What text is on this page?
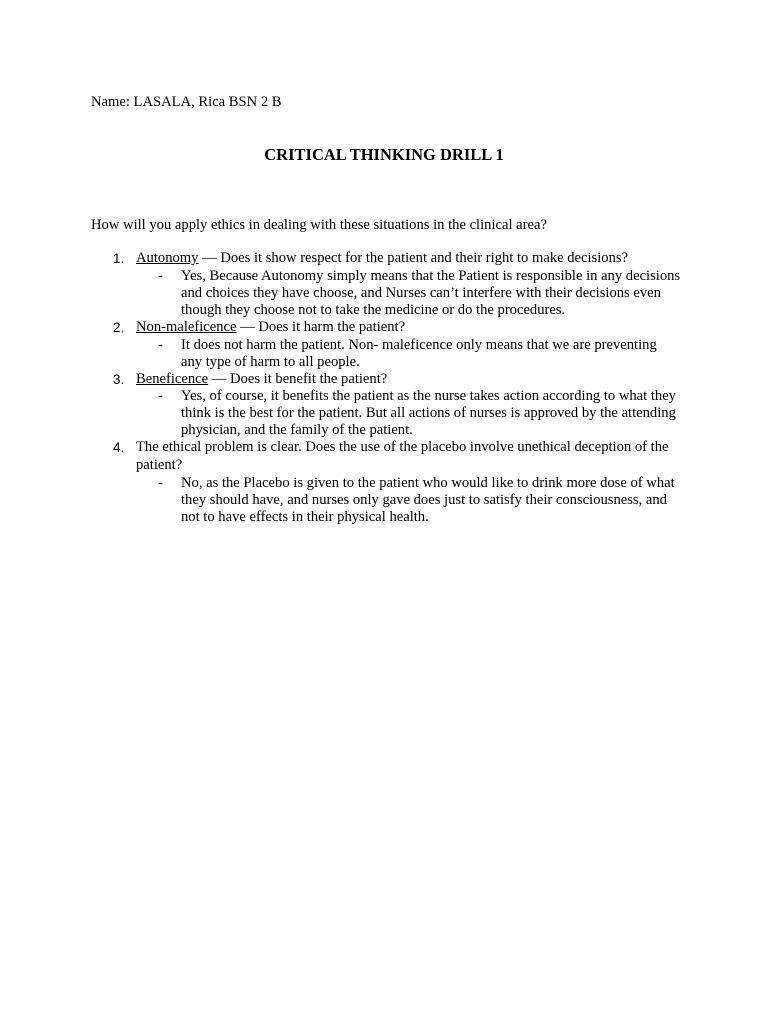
Name: LASALA, Rica BSN 2 B
CRITICAL THINKING DRILL 1
How will you apply ethics in dealing with these situations in the clinical area?
1. Autonomy — Does it show respect for the patient and their right to make decisions?
- Yes, Because Autonomy simply means that the Patient is responsible in any decisions and choices they have choose, and Nurses can’t interfere with their decisions even though they choose not to take the medicine or do the procedures.
2. Non-maleficence — Does it harm the patient?
- It does not harm the patient. Non- maleficence only means that we are preventing any type of harm to all people.
3. Beneficence — Does it benefit the patient?
- Yes, of course, it benefits the patient as the nurse takes action according to what they think is the best for the patient. But all actions of nurses is approved by the attending physician, and the family of the patient.
4. The ethical problem is clear. Does the use of the placebo involve unethical deception of the patient?
- No, as the Placebo is given to the patient who would like to drink more dose of what they should have, and nurses only gave does just to satisfy their consciousness, and not to have effects in their physical health.
